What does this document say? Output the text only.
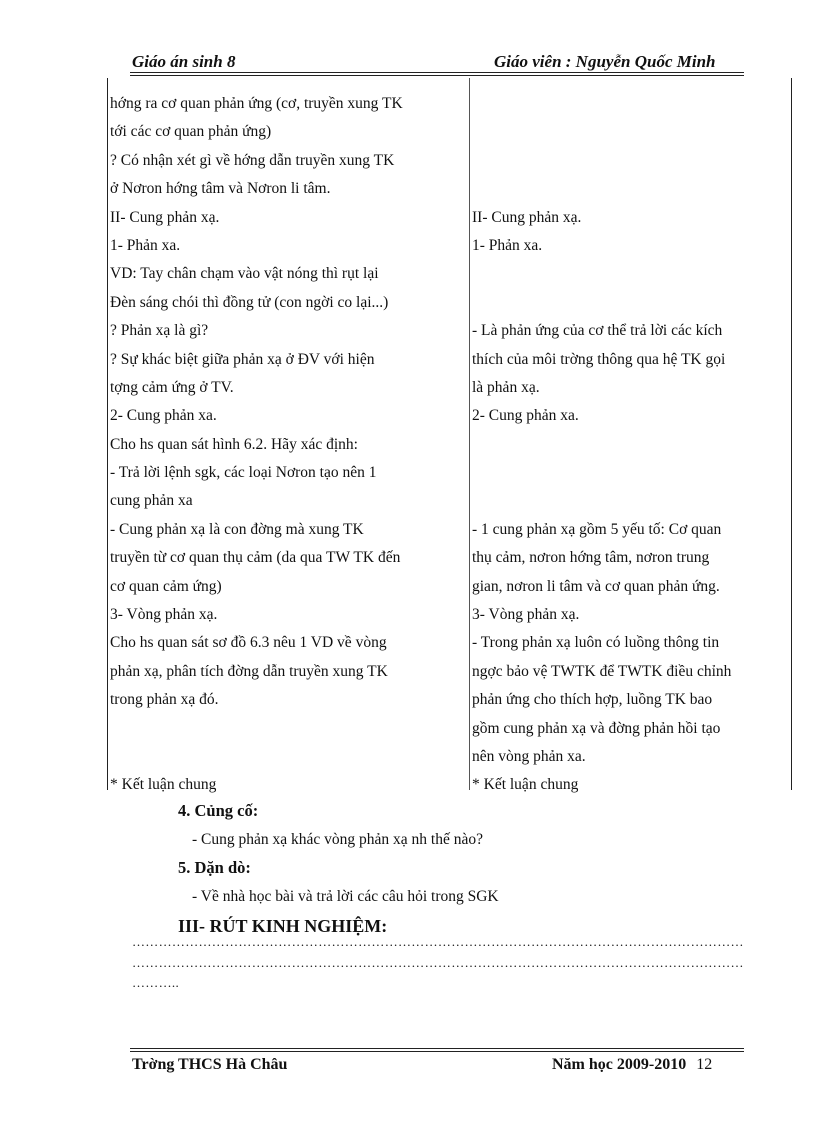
Giáo án sinh 8	Giáo viên : Nguyễn Quốc Minh
hớng ra cơ quan phản ứng (cơ, truyền xung TK
tới các cơ quan phản ứng)
? Có nhận xét gì về hớng dẫn truyền xung TK
ở Nơron hớng tâm và Nơron li tâm.
II- Cung phản xạ.
1- Phản xa.
VD: Tay chân chạm vào vật nóng thì rụt lại
Đèn sáng chói thì đồng tử (con ngời co lại...)
? Phản xạ là gì?
? Sự khác biệt giữa phản xạ ở ĐV với hiện
tợng cảm ứng ở TV.
2- Cung phản xa.
Cho hs quan sát hình 6.2. Hãy xác định:
- Trả lời lệnh sgk, các loại Nơron tạo nên 1
cung phản xa
- Cung phản xạ là con đờng mà xung TK
truyền từ cơ quan thụ cảm (da qua TW TK đến
cơ quan cảm ứng)
3- Vòng phản xạ.
Cho hs quan sát sơ đồ 6.3 nêu 1 VD về vòng
phản xạ, phân tích đờng dẫn truyền xung TK
trong phản xạ đó.
* Kết luận chung
II- Cung phản xạ.
1- Phản xa.
- Là phản ứng của cơ thể trả lời các kích
thích của môi trờng thông qua hệ TK gọi
là phản xạ.
2- Cung phản xa.
- 1 cung phản xạ gồm 5 yếu tố: Cơ quan
thụ cảm, nơron hớng tâm, nơron trung
gian, nơron li tâm và cơ quan phản ứng.
3- Vòng phản xạ.
- Trong phản xạ luôn có luồng thông tin
ngợc bảo vệ TWTK để TWTK điều chỉnh
phản ứng cho thích hợp, luồng TK bao
gồm cung phản xạ và đờng phản hồi tạo
nên vòng phản xa.
* Kết luận chung
4. Củng cố:
- Cung phản xạ khác vòng phản xạ nh thế nào?
5. Dặn dò:
- Về nhà học bài và trả lời các câu hỏi trong SGK
III- RÚT KINH NGHIỆM:
…………………………………………………………………………………………………………………………
…………………………………………………………………………………………………………………………
………..
Trờng THCS Hà Châu	Năm học 2009-2010 12
